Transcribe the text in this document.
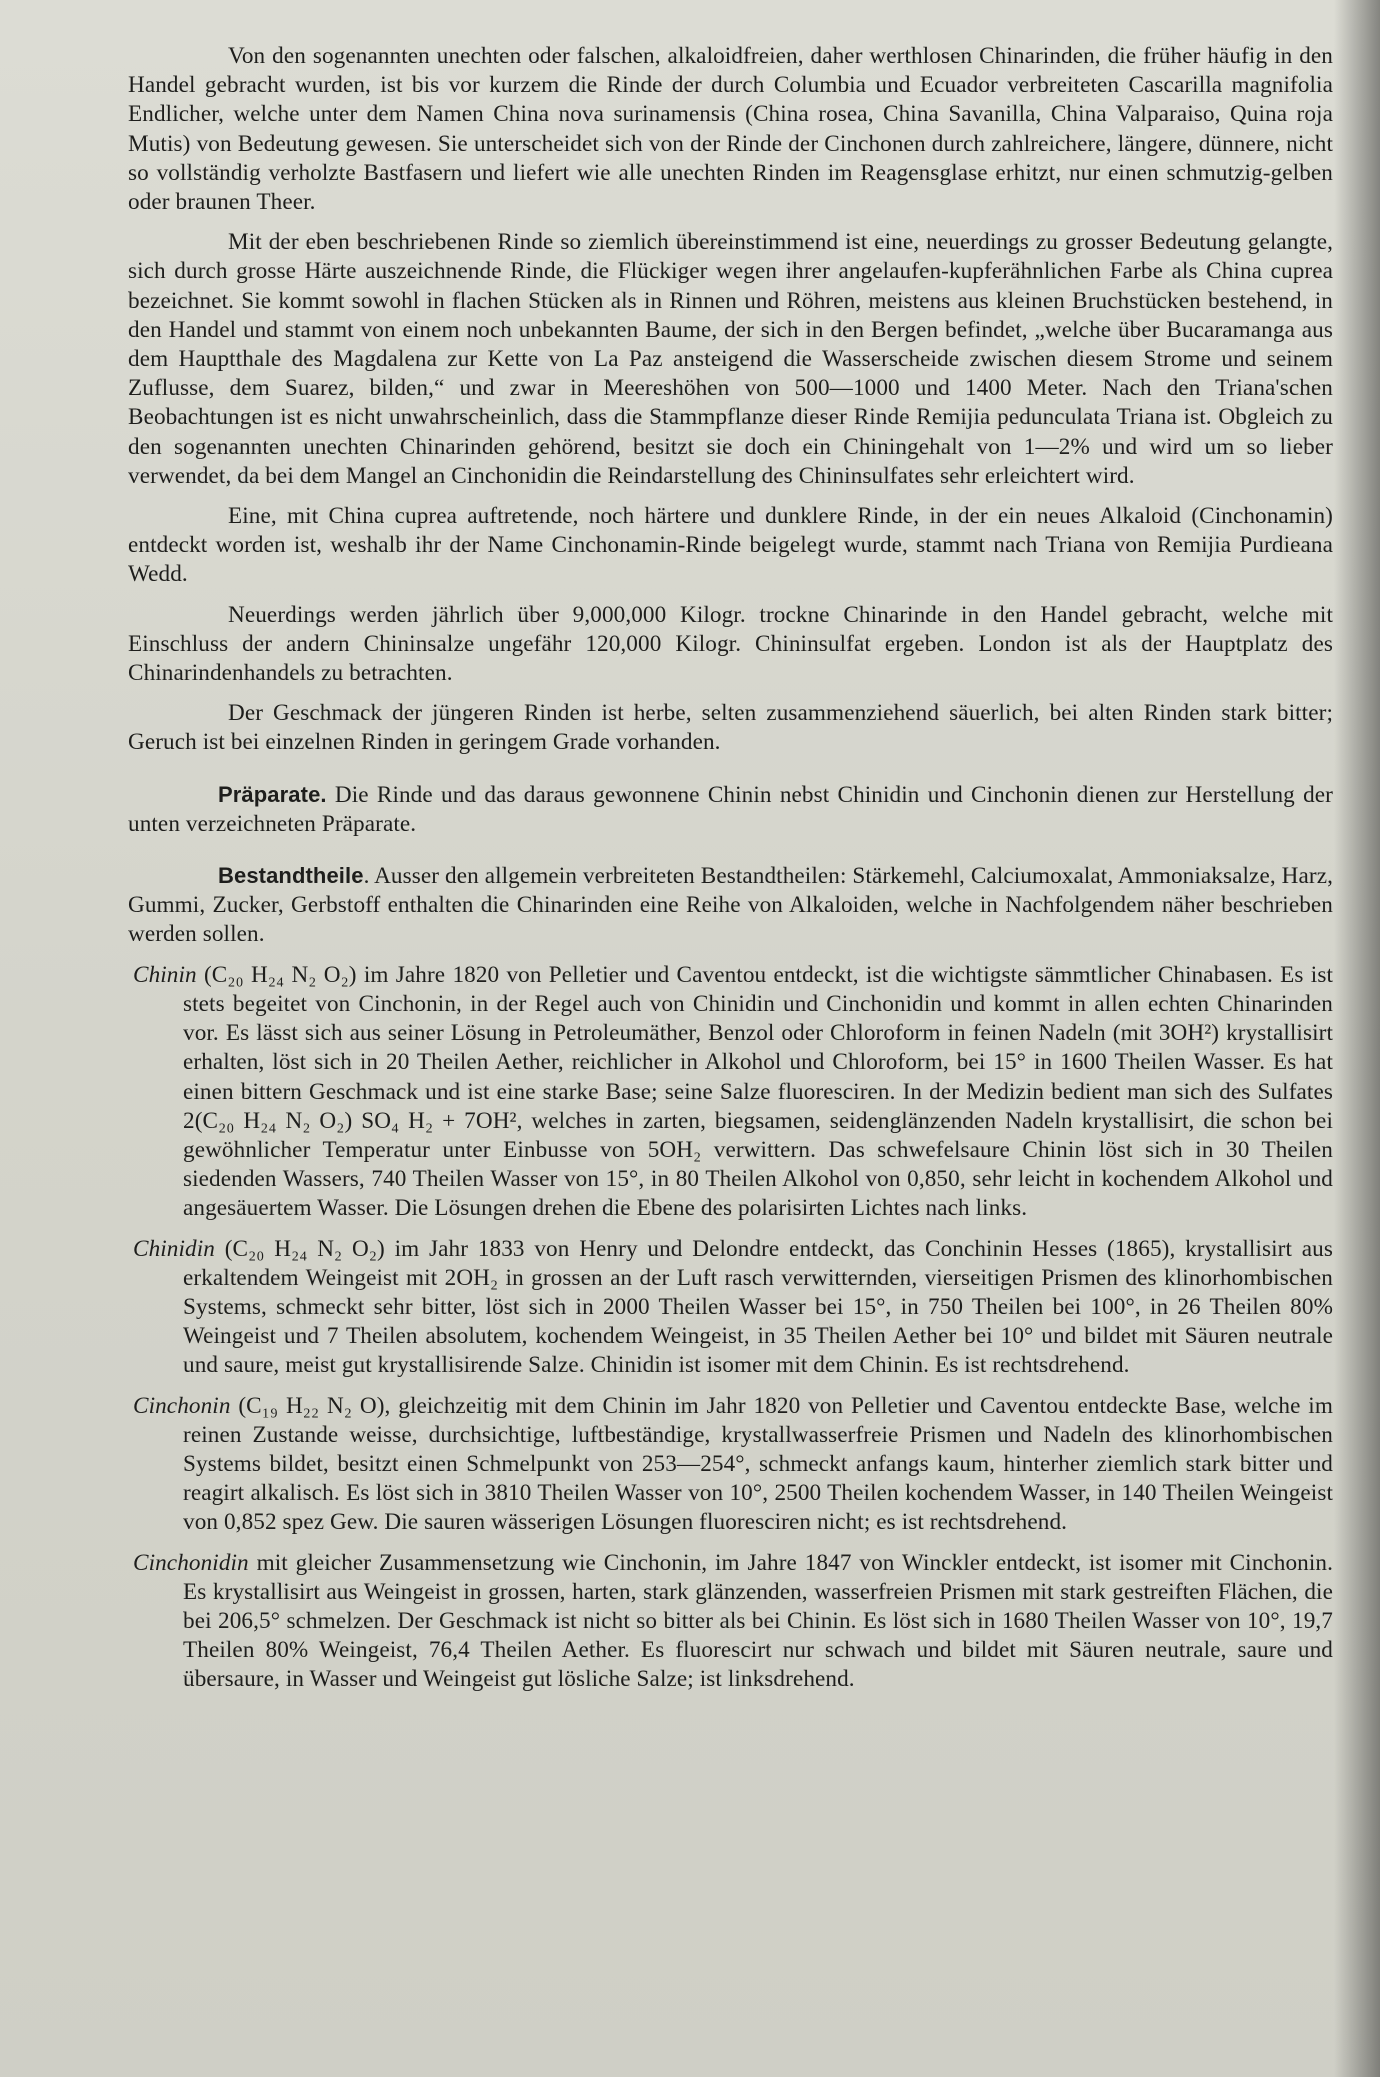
Von den sogenannten unechten oder falschen, alkaloidfreien, daher werthlosen Chinarinden, die früher häufig in den Handel gebracht wurden, ist bis vor kurzem die Rinde der durch Columbia und Ecuador verbreiteten Cascarilla magnifolia Endlicher, welche unter dem Namen China nova surinamensis (China rosea, China Savanilla, China Valparaiso, Quina roja Mutis) von Bedeutung gewesen. Sie unterscheidet sich von der Rinde der Cinchonen durch zahlreichere, längere, dünnere, nicht so vollständig verholzte Bastfasern und liefert wie alle unechten Rinden im Reagensglase erhitzt, nur einen schmutzig-gelben oder braunen Theer.

Mit der eben beschriebenen Rinde so ziemlich übereinstimmend ist eine, neuerdings zu grosser Bedeutung gelangte, sich durch grosse Härte auszeichnende Rinde, die Flückiger wegen ihrer angelaufen-kupferähnlichen Farbe als China cuprea bezeichnet. Sie kommt sowohl in flachen Stücken als in Rinnen und Röhren, meistens aus kleinen Bruchstücken bestehend, in den Handel und stammt von einem noch unbekannten Baume, der sich in den Bergen befindet, „welche über Bucaramanga aus dem Hauptthale des Magdalena zur Kette von La Paz ansteigend die Wasserscheide zwischen diesem Strome und seinem Zuflusse, dem Suarez, bilden,“ und zwar in Meereshöhen von 500—1000 und 1400 Meter. Nach den Triana'schen Beobachtungen ist es nicht unwahrscheinlich, dass die Stammpflanze dieser Rinde Remijia pedunculata Triana ist. Obgleich zu den sogenannten unechten Chinarinden gehörend, besitzt sie doch ein Chiningehalt von 1—2% und wird um so lieber verwendet, da bei dem Mangel an Cinchonidin die Reindarstellung des Chininsulfates sehr erleichtert wird.

Eine, mit China cuprea auftretende, noch härtere und dunklere Rinde, in der ein neues Alkaloid (Cinchonamin) entdeckt worden ist, weshalb ihr der Name Cinchonamin-Rinde beigelegt wurde, stammt nach Triana von Remijia Purdieana Wedd.

Neuerdings werden jährlich über 9,000,000 Kilogr. trockne Chinarinde in den Handel gebracht, welche mit Einschluss der andern Chininsalze ungefähr 120,000 Kilogr. Chininsulfat ergeben. London ist als der Hauptplatz des Chinarindenhandels zu betrachten.

Der Geschmack der jüngeren Rinden ist herbe, selten zusammenziehend säuerlich, bei alten Rinden stark bitter; Geruch ist bei einzelnen Rinden in geringem Grade vorhanden.

Präparate. Die Rinde und das daraus gewonnene Chinin nebst Chinidin und Cinchonin dienen zur Herstellung der unten verzeichneten Präparate.

Bestandtheile. Ausser den allgemein verbreiteten Bestandtheilen: Stärkemehl, Calciumoxalat, Ammoniaksalze, Harz, Gummi, Zucker, Gerbstoff enthalten die Chinarinden eine Reihe von Alkaloiden, welche in Nachfolgendem näher beschrieben werden sollen.

Chinin (C₂₀ H₂₄ N₂ O₂) im Jahre 1820 von Pelletier und Caventou entdeckt, ist die wichtigste sämmtlicher Chinabasen. Es ist stets begeitet von Cinchonin, in der Regel auch von Chinidin und Cinchonidin und kommt in allen echten Chinarinden vor. Es lässt sich aus seiner Lösung in Petroleumäther, Benzol oder Chloroform in feinen Nadeln (mit 3OH²) krystallisirt erhalten, löst sich in 20 Theilen Aether, reichlicher in Alkohol und Chloroform, bei 15° in 1600 Theilen Wasser. Es hat einen bittern Geschmack und ist eine starke Base; seine Salze fluoresciren. In der Medizin bedient man sich des Sulfates 2(C₂₀ H₂₄ N₂ O₂) SO₄ H₂ + 7OH², welches in zarten, biegsamen, seidenglänzenden Nadeln krystallisirt, die schon bei gewöhnlicher Temperatur unter Einbusse von 5OH₂ verwittern. Das schwefelsaure Chinin löst sich in 30 Theilen siedenden Wassers, 740 Theilen Wasser von 15°, in 80 Theilen Alkohol von 0,850, sehr leicht in kochendem Alkohol und angesäuertem Wasser. Die Lösungen drehen die Ebene des polarisirten Lichtes nach links.

Chinidin (C₂₀ H₂₄ N₂ O₂) im Jahr 1833 von Henry und Delondre entdeckt, das Conchinin Hesses (1865), krystallisirt aus erkaltendem Weingeist mit 2OH₂ in grossen an der Luft rasch verwitternden, vierseitigen Prismen des klinorhombischen Systems, schmeckt sehr bitter, löst sich in 2000 Theilen Wasser bei 15°, in 750 Theilen bei 100°, in 26 Theilen 80% Weingeist und 7 Theilen absolutem, kochendem Weingeist, in 35 Theilen Aether bei 10° und bildet mit Säuren neutrale und saure, meist gut krystallisirende Salze. Chinidin ist isomer mit dem Chinin. Es ist rechtsdrehend.

Cinchonin (C₁₉ H₂₂ N₂ O), gleichzeitig mit dem Chinin im Jahr 1820 von Pelletier und Caventou entdeckte Base, welche im reinen Zustande weisse, durchsichtige, luftbeständige, krystallwasserfreie Prismen und Nadeln des klinorhombischen Systems bildet, besitzt einen Schmelpunkt von 253—254°, schmeckt anfangs kaum, hinterher ziemlich stark bitter und reagirt alkalisch. Es löst sich in 3810 Theilen Wasser von 10°, 2500 Theilen kochendem Wasser, in 140 Theilen Weingeist von 0,852 spez Gew. Die sauren wässerigen Lösungen fluoresciren nicht; es ist rechtsdrehend.

Cinchonidin mit gleicher Zusammensetzung wie Cinchonin, im Jahre 1847 von Winckler entdeckt, ist isomer mit Cinchonin. Es krystallisirt aus Weingeist in grossen, harten, stark glänzenden, wasserfreien Prismen mit stark gestreiften Flächen, die bei 206,5° schmelzen. Der Geschmack ist nicht so bitter als bei Chinin. Es löst sich in 1680 Theilen Wasser von 10°, 19,7 Theilen 80% Weingeist, 76,4 Theilen Aether. Es fluorescirt nur schwach und bildet mit Säuren neutrale, saure und übersaure, in Wasser und Weingeist gut lösliche Salze; ist linksdrehend.
